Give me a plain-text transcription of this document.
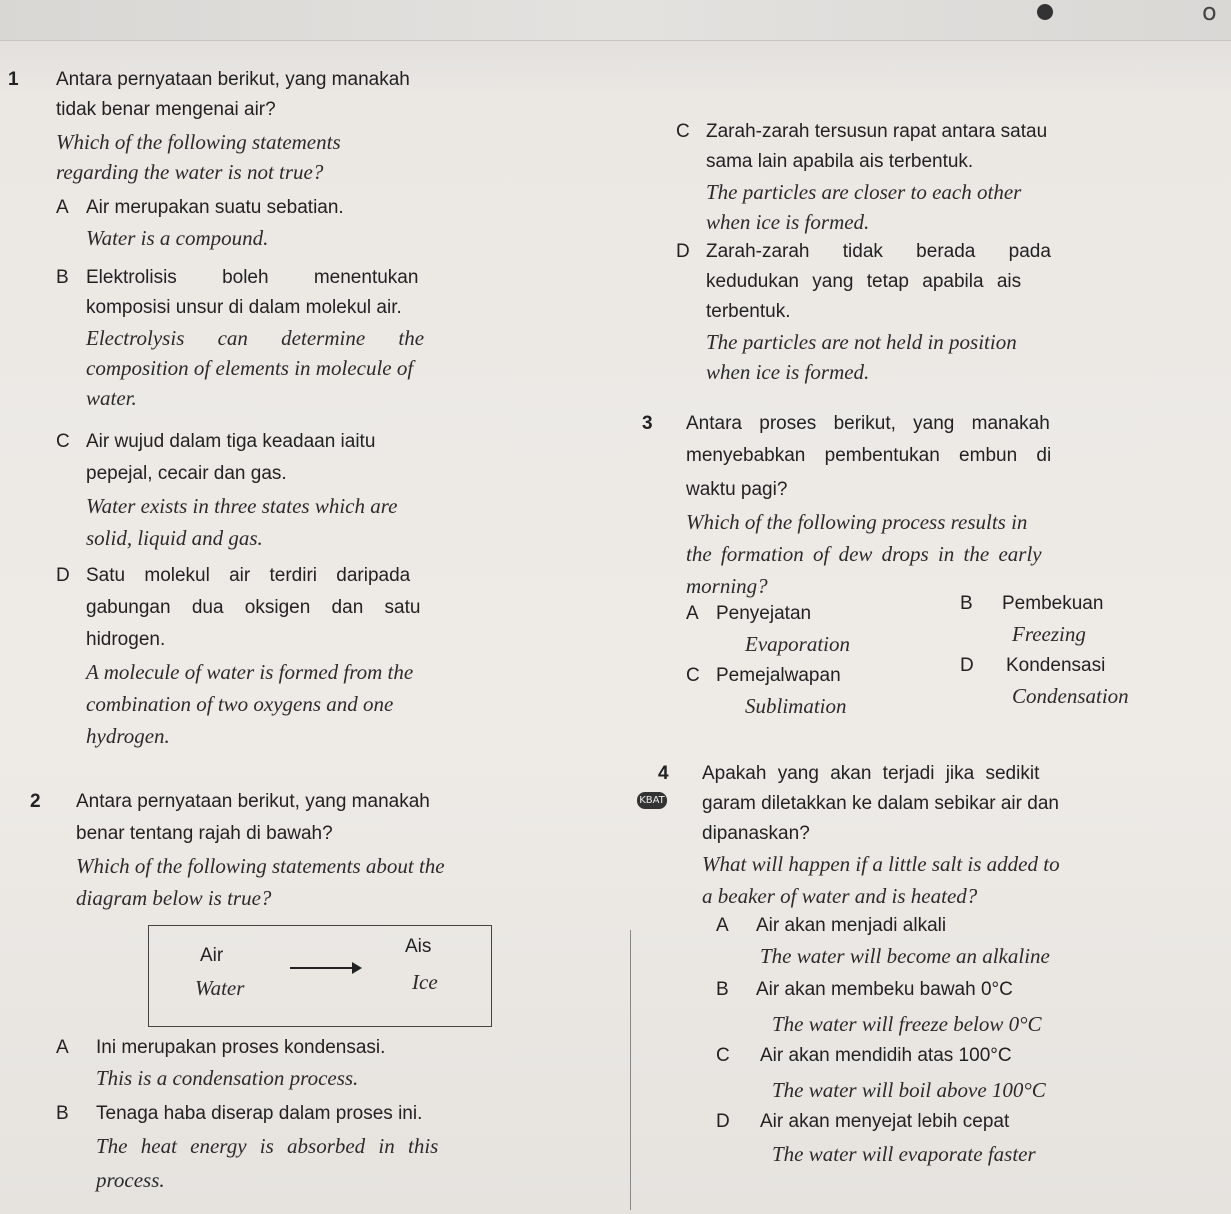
o
1 Antara pernyataan berikut, yang manakah
tidak benar mengenai air?
Which of the following statements
regarding the water is not true?
A Air merupakan suatu sebatian.
Water is a compound.
B Elektrolisis boleh menentukan
komposisi unsur di dalam molekul air.
Electrolysis can determine the
composition of elements in molecule of
water.
C Air wujud dalam tiga keadaan iaitu
pepejal, cecair dan gas.
Water exists in three states which are
solid, liquid and gas.
D Satu molekul air terdiri daripada
gabungan dua oksigen dan satu
hidrogen.
A molecule of water is formed from the
combination of two oxygens and one
hydrogen.
2 Antara pernyataan berikut, yang manakah
benar tentang rajah di bawah?
Which of the following statements about the
diagram below is true?
Air
Water
Ais
Ice
A Ini merupakan proses kondensasi.
This is a condensation process.
B Tenaga haba diserap dalam proses ini.
The heat energy is absorbed in this
process.
C Zarah-zarah tersusun rapat antara satau
sama lain apabila ais terbentuk.
The particles are closer to each other
when ice is formed.
D Zarah-zarah tidak berada pada
kedudukan yang tetap apabila ais
terbentuk.
The particles are not held in position
when ice is formed.
3 Antara proses berikut, yang manakah
menyebabkan pembentukan embun di
waktu pagi?
Which of the following process results in
the formation of dew drops in the early
morning?
A Penyejatan
Evaporation
B Pembekuan
Freezing
C Pemejalwapan
Sublimation
D Kondensasi
Condensation
4
KBAT
Apakah yang akan terjadi jika sedikit
garam diletakkan ke dalam sebikar air dan
dipanaskan?
What will happen if a little salt is added to
a beaker of water and is heated?
A Air akan menjadi alkali
The water will become an alkaline
B Air akan membeku bawah 0°C
The water will freeze below 0°C
C Air akan mendidih atas 100°C
The water will boil above 100°C
D Air akan menyejat lebih cepat
The water will evaporate faster
